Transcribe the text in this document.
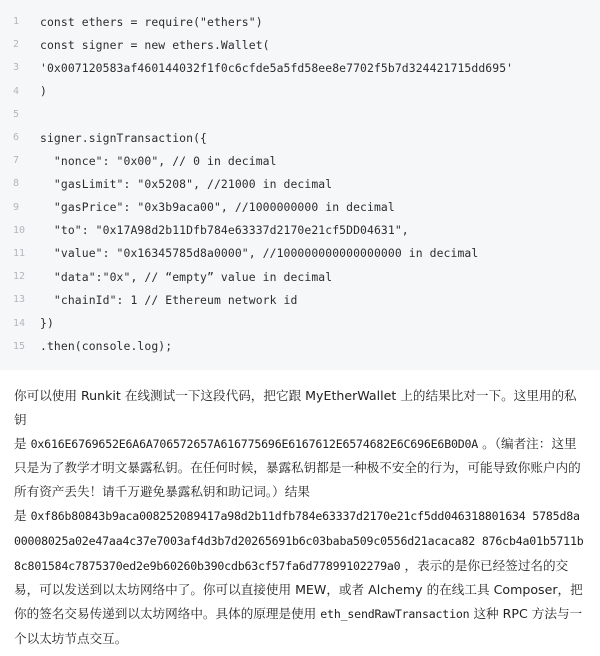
1	const ethers = require("ethers")
2	const signer = new ethers.Wallet(
3	'0x007120583af460144032f1f0c6cfde5a5fd58ee8e7702f5b7d324421715dd695'
4	)
5
6	signer.signTransaction({
7	"nonce": "0x00", // 0 in decimal
8	"gasLimit": "0x5208", //21000 in decimal
9	"gasPrice": "0x3b9aca00", //1000000000 in decimal
10	"to": "0x17A98d2b11Dfb784e63337d2170e21cf5DD04631",
11	"value": "0x16345785d8a0000", //100000000000000000 in decimal
12	"data":"0x", // “empty” value in decimal
13	"chainId": 1 // Ethereum network id
14	})
15	.then(console.log);

你可以使用 Runkit 在线测试一下这段代码，把它跟 MyEtherWallet 上的结果比对一下。这里用的私钥

是 0x616E6769652E6A6A706572657A616775696E6167612E6574682E6C696E6B0D0A 。（编者注：这里只是为了教学才明文暴露私钥。在任何时候，暴露私钥都是一种极不安全的行为，可能导致你账户内的所有资产丢失！请千万避免暴露私钥和助记词。）结果

是 0xf86b80843b9aca008252089417a98d2b11dfb784e63337d2170e21cf5dd046318801634 5785d8a00008025a02e47aa4c37e7003af4d3b7d20265691b6c03baba509c0556d21acaca82 876cb4a01b5711b8c801584c7875370ed2e9b60260b390cdb63cf57fa6d77899102279a0 ，表示的是你已经签过名的交易，可以发送到以太坊网络中了。你可以直接使用 MEW，或者 Alchemy 的在线工具 Composer，把你的签名交易传递到以太坊网络中。具体的原理是使用 eth_sendRawTransaction 这种 RPC 方法与一个以太坊节点交互。
